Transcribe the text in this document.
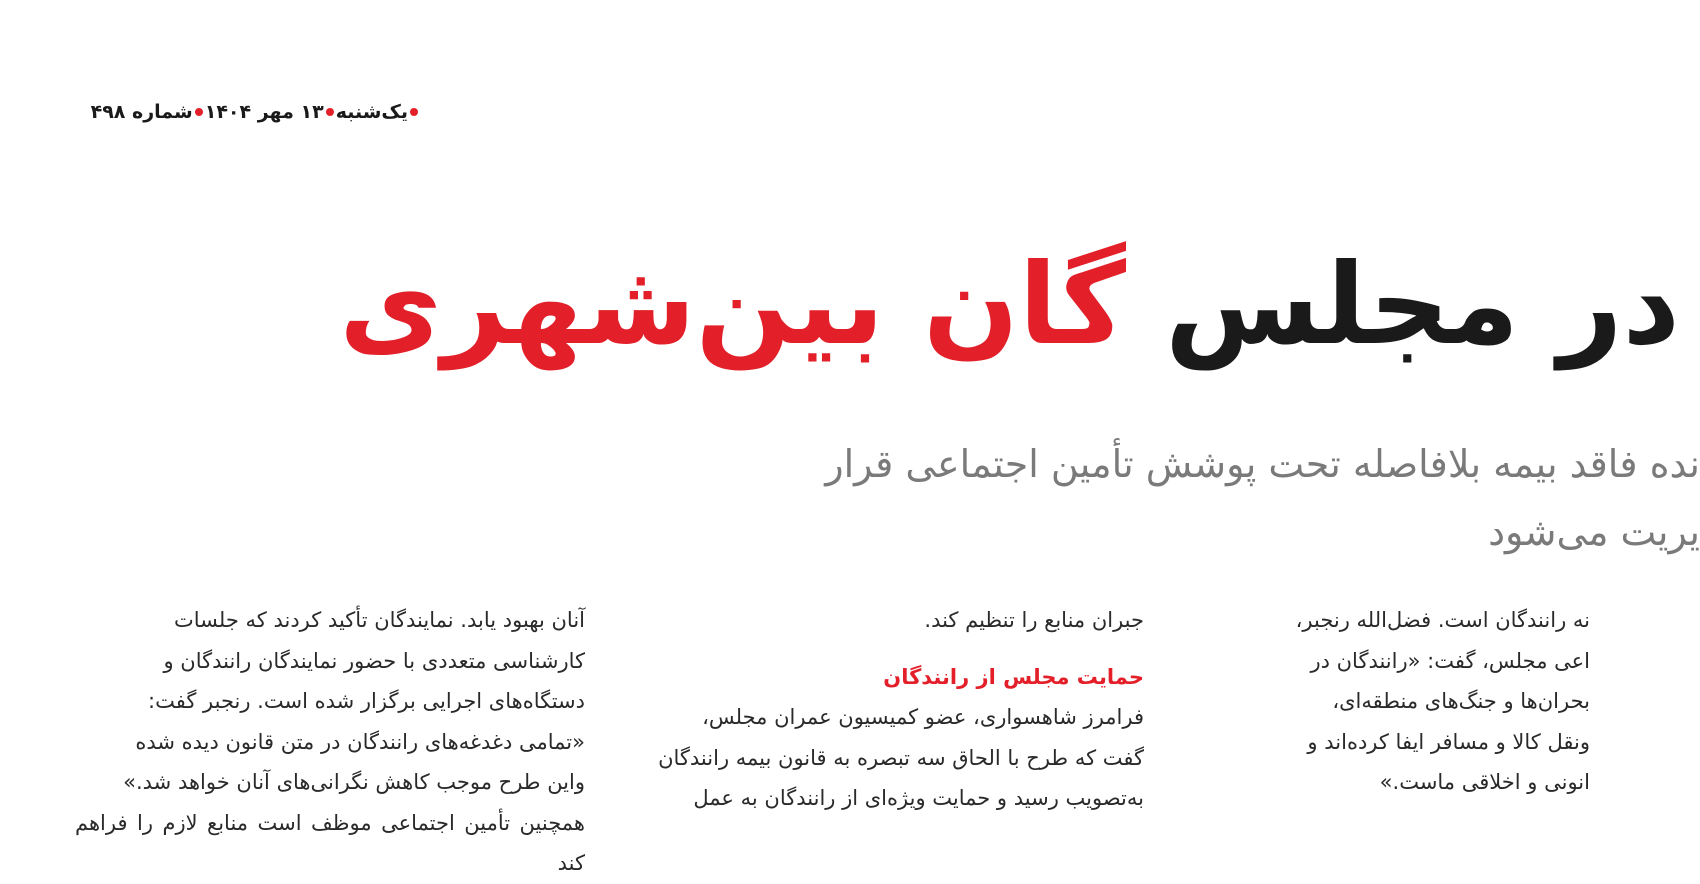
یک‌شنبه
۱۳ مهر ۱۴۰۴
شماره ۴۹۸
در مجلس گان بین‌شهری
نده فاقد بیمه بلافاصله تحت پوشش تأمین اجتماعی قرار
یریت می‌شود

آنان بهبود یابد. نمایندگان تأکید کردند که جلسات

کارشناسی متعددی با حضور نمایندگان رانندگان و

دستگاه‌های اجرایی برگزار شده است. رنجبر گفت:

«تمامی دغدغه‌های رانندگان در متن قانون دیده شده

واین طرح موجب کاهش نگرانی‌های آنان خواهد شد.»

همچنین تأمین اجتماعی موظف است منابع لازم را فراهم کند

جبران منابع را تنظیم کند.

حمایت مجلس از رانندگان

فرامرز شاهسواری، عضو کمیسیون عمران مجلس،

گفت که طرح با الحاق سه تبصره به قانون بیمه رانندگان

به‌تصویب رسید و حمایت ویژه‌ای از رانندگان به عمل

نه رانندگان است. فضل‌الله رنجبر،

اعی مجلس، گفت: «رانندگان در

بحران‌ها و جنگ‌های منطقه‌ای،

ونقل کالا و مسافر ایفا کرده‌اند و

انونی و اخلاقی ماست.»
